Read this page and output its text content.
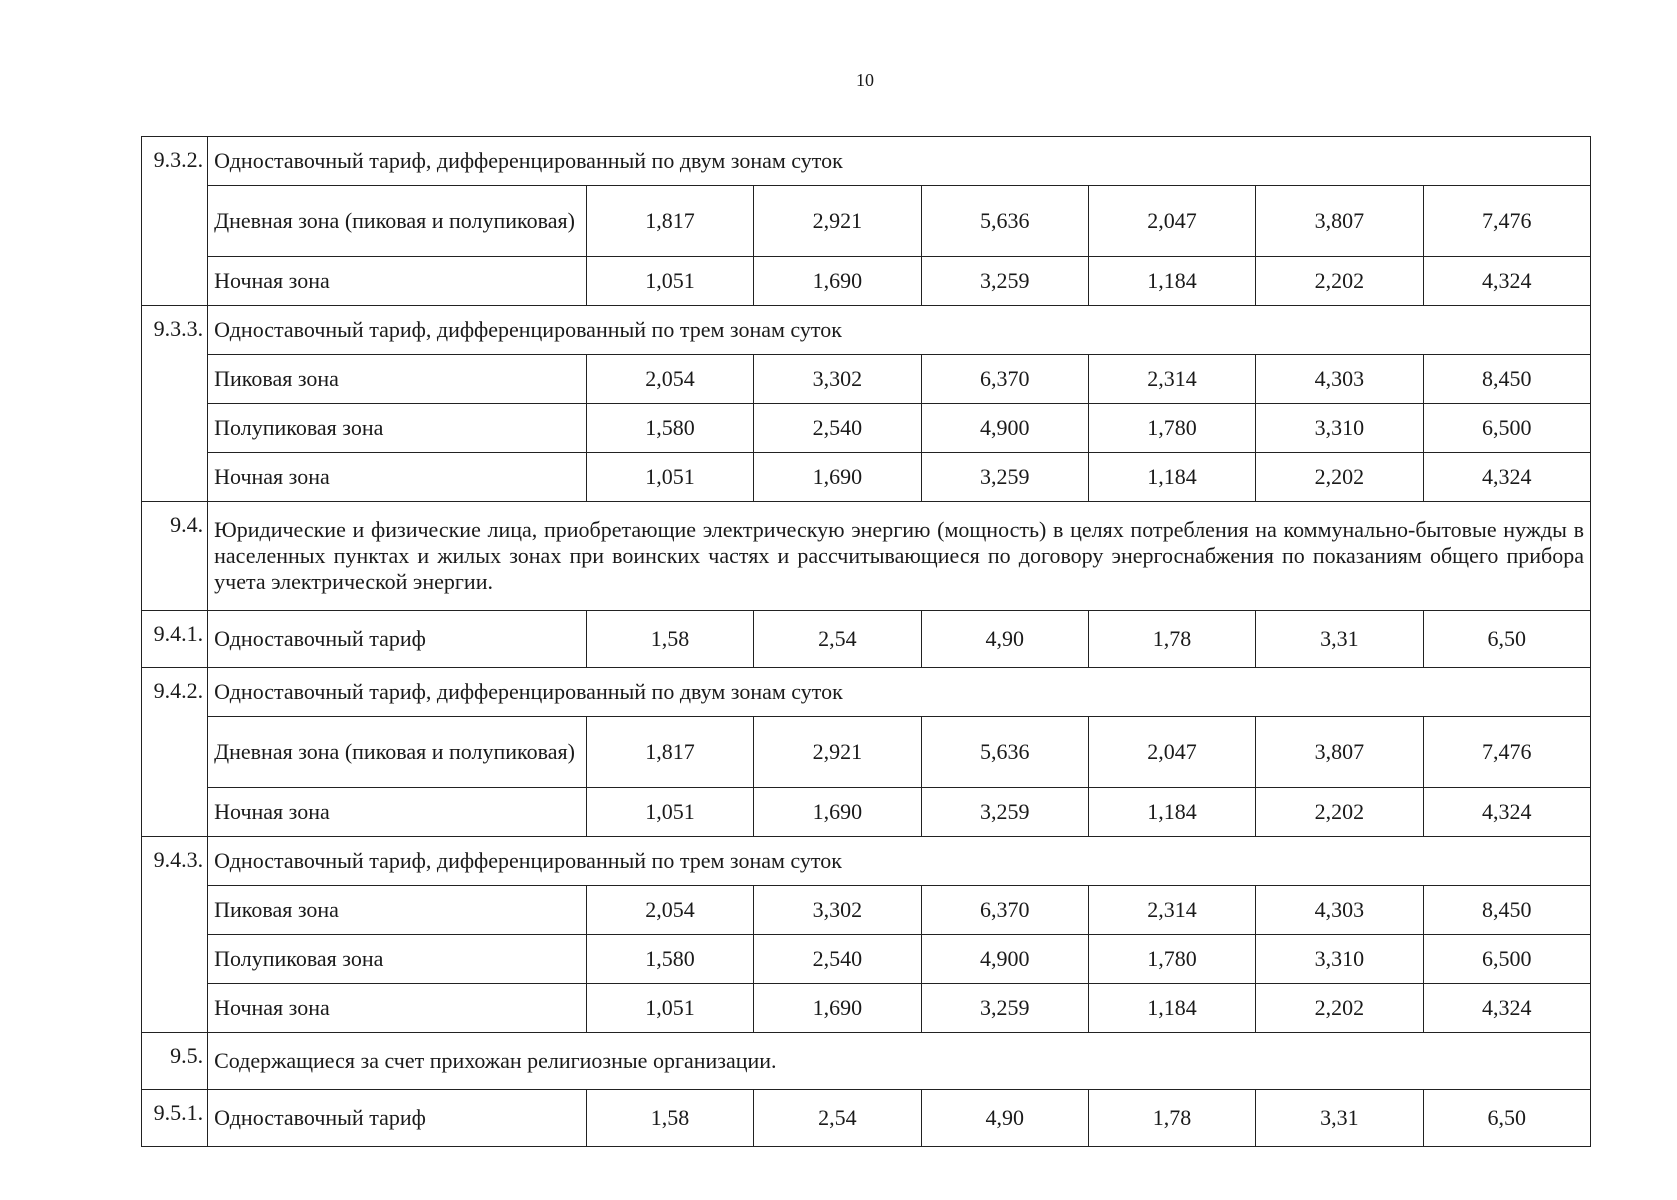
10
9.3.2.	Одноставочный тариф, дифференцированный по двум зонам суток						
	Дневная зона (пиковая и полупиковая)	1,817	2,921	5,636	2,047	3,807	7,476
	Ночная зона	1,051	1,690	3,259	1,184	2,202	4,324
9.3.3.	Одноставочный тариф, дифференцированный по трем зонам суток						
	Пиковая зона	2,054	3,302	6,370	2,314	4,303	8,450
	Полупиковая зона	1,580	2,540	4,900	1,780	3,310	6,500
	Ночная зона	1,051	1,690	3,259	1,184	2,202	4,324
9.4.	Юридические и физические лица, приобретающие электрическую энергию (мощность) в целях потребления на коммунально-бытовые нужды в населенных пунктах и жилых зонах при воинских частях и рассчитывающиеся по договору энергоснабжения по показаниям общего прибора учета электрической энергии.						
9.4.1.	Одноставочный тариф	1,58	2,54	4,90	1,78	3,31	6,50
9.4.2.	Одноставочный тариф, дифференцированный по двум зонам суток						
	Дневная зона (пиковая и полупиковая)	1,817	2,921	5,636	2,047	3,807	7,476
	Ночная зона	1,051	1,690	3,259	1,184	2,202	4,324
9.4.3.	Одноставочный тариф, дифференцированный по трем зонам суток						
	Пиковая зона	2,054	3,302	6,370	2,314	4,303	8,450
	Полупиковая зона	1,580	2,540	4,900	1,780	3,310	6,500
	Ночная зона	1,051	1,690	3,259	1,184	2,202	4,324
9.5.	Содержащиеся за счет прихожан религиозные организации.						
9.5.1.	Одноставочный тариф	1,58	2,54	4,90	1,78	3,31	6,50
